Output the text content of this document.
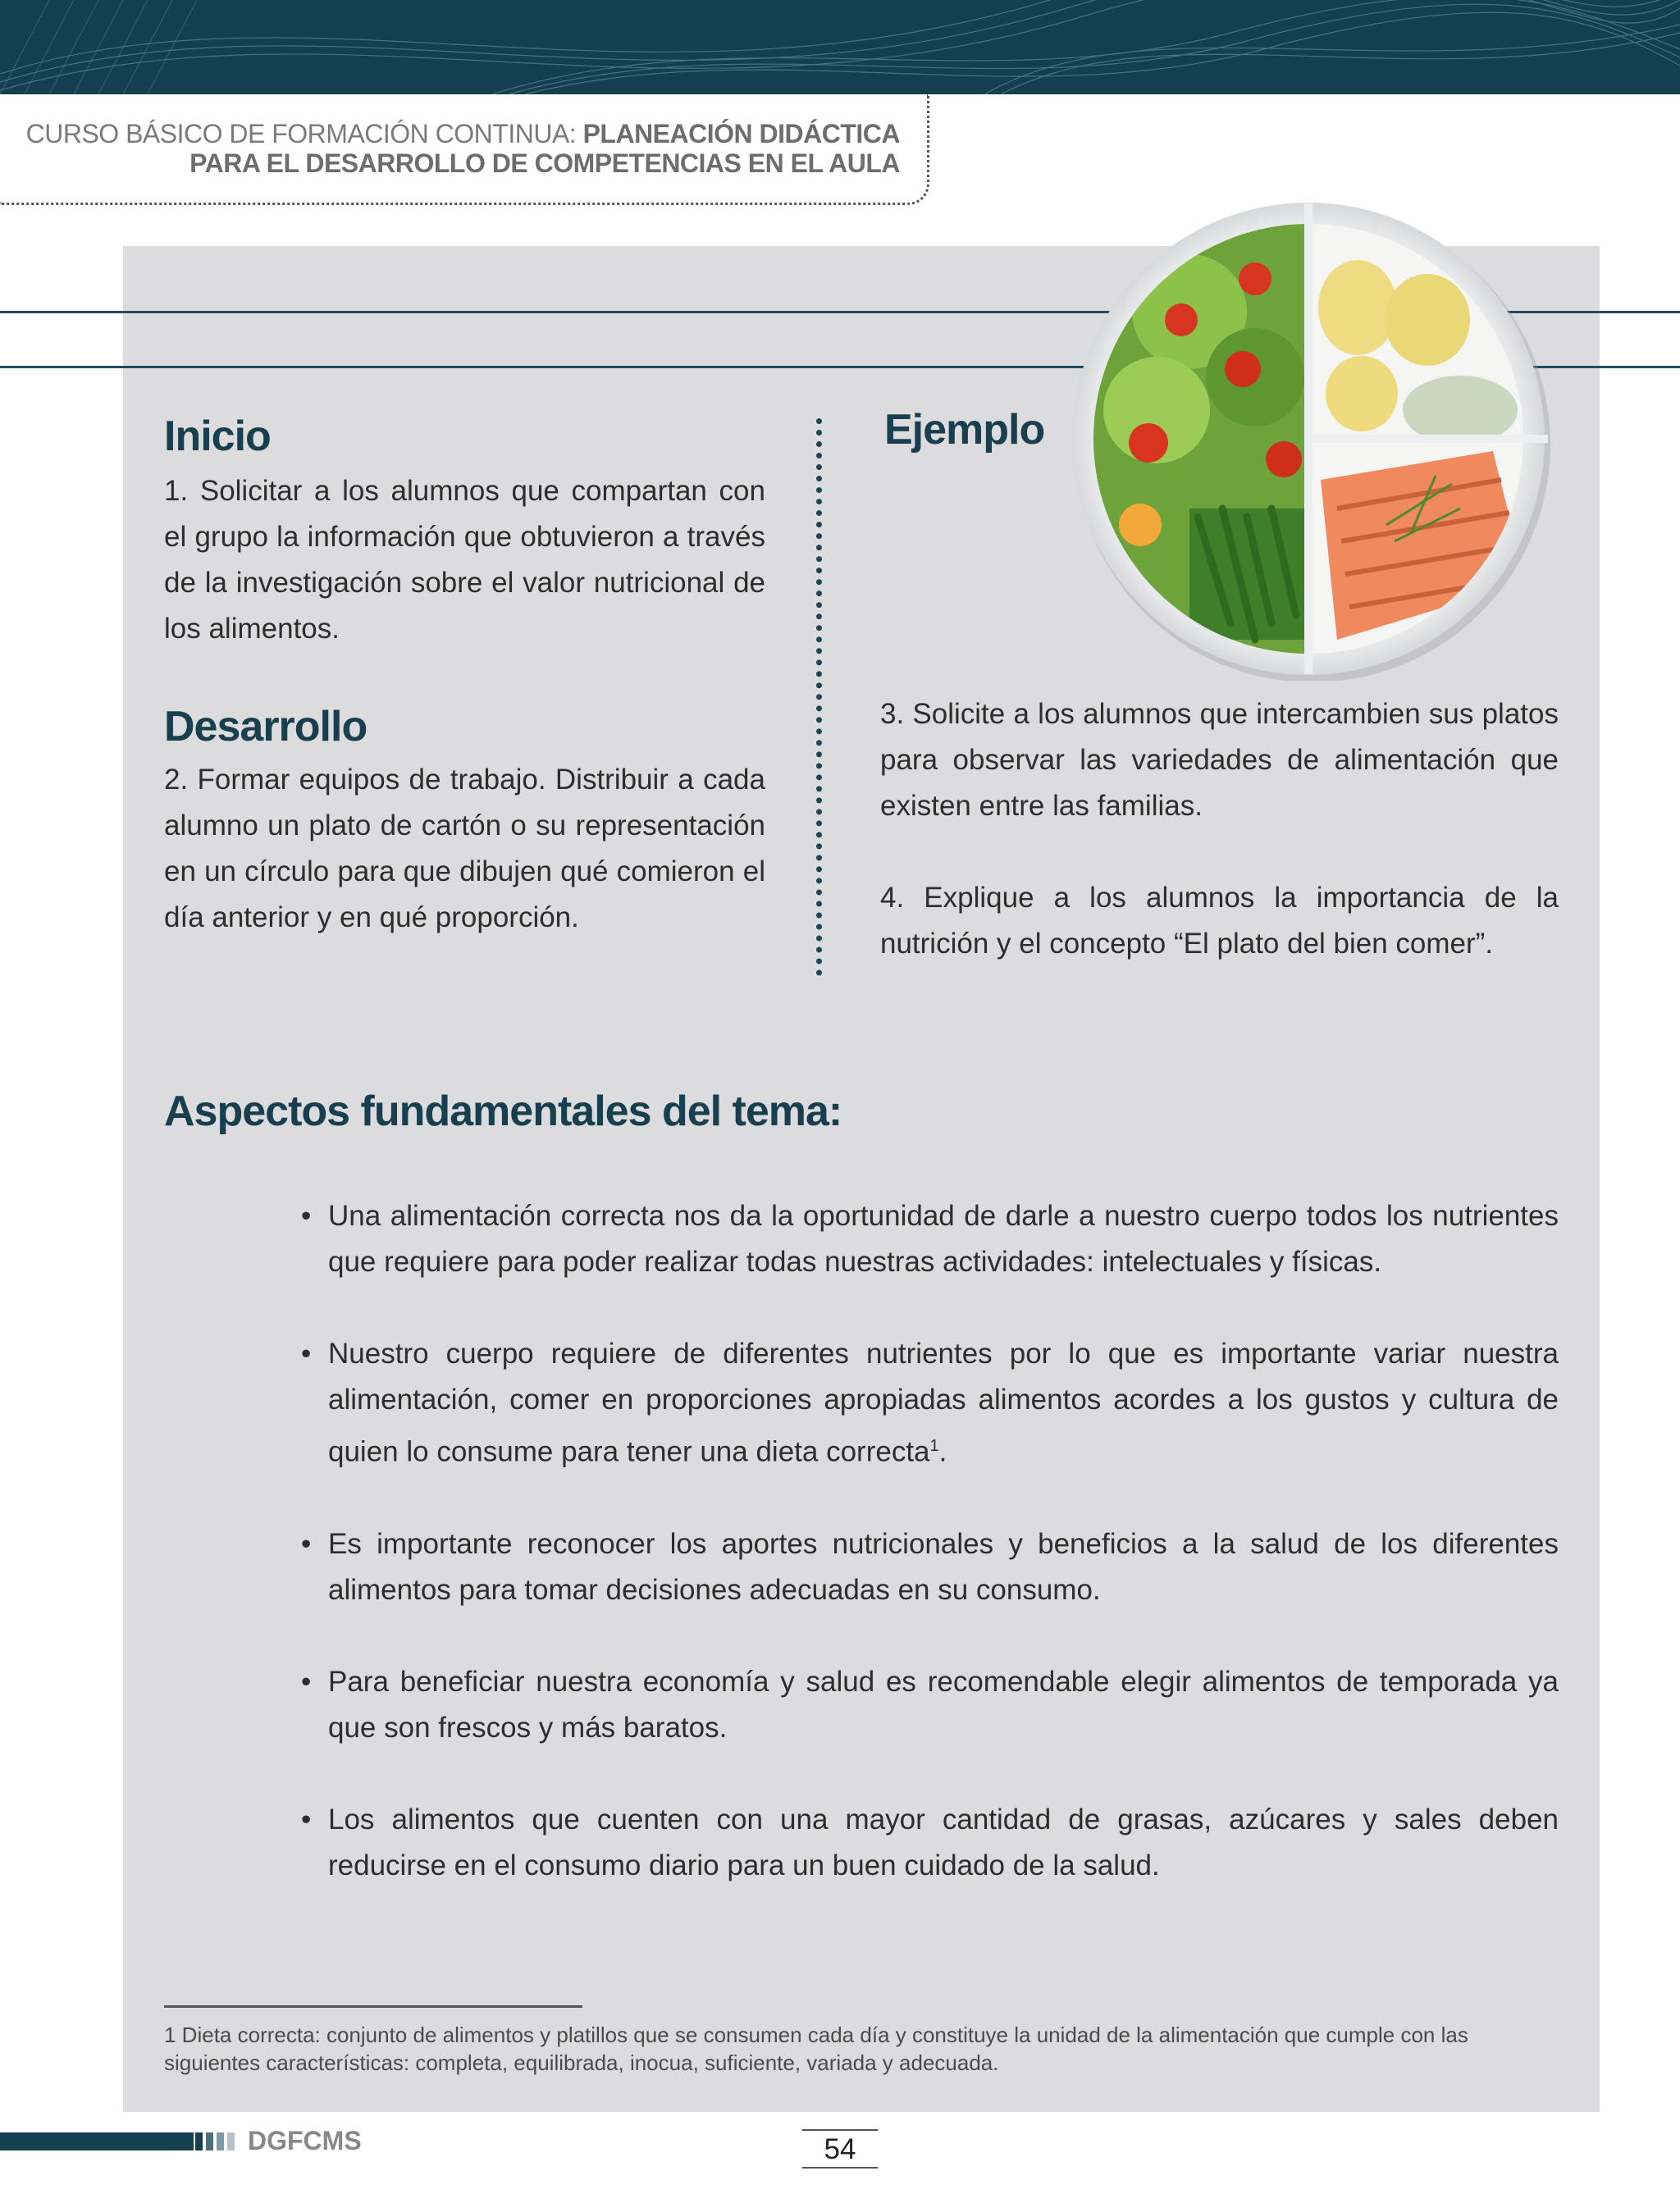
CURSO BÁSICO DE FORMACIÓN CONTINUA: PLANEACIÓN DIDÁCTICA
PARA EL DESARROLLO DE COMPETENCIAS EN EL AULA
Inicio

1. Solicitar a los alumnos que compartan con el grupo la información que obtuvieron a través de la investigación sobre el valor nutricional de los alimentos.

Desarrollo

2. Formar equipos de trabajo. Distribuir a cada alumno un plato de cartón o su representación en un círculo para que dibujen qué comieron el día anterior y en qué proporción.

Ejemplo

3. Solicite a los alumnos que intercambien sus platos para observar las variedades de alimentación que existen entre las familias.

4. Explique a los alumnos la importancia de la nutrición y el concepto “El plato del bien comer”.

Aspectos fundamentales del tema:
• Una alimentación correcta nos da la oportunidad de darle a nuestro cuerpo todos los nutrientes que requiere para poder realizar todas nuestras actividades: intelectuales y físicas.
• Nuestro cuerpo requiere de diferentes nutrientes por lo que es importante variar nuestra alimentación, comer en proporciones apropiadas alimentos acordes a los gustos y cultura de quien lo consume para tener una dieta correcta$^1$.
• Es importante reconocer los aportes nutricionales y beneficios a la salud de los diferentes alimentos para tomar decisiones adecuadas en su consumo.
• Para beneficiar nuestra economía y salud es recomendable elegir alimentos de temporada ya que son frescos y más baratos.
• Los alimentos que cuenten con una mayor cantidad de grasas, azúcares y sales deben reducirse en el consumo diario para un buen cuidado de la salud.

1 Dieta correcta: conjunto de alimentos y platillos que se consumen cada día y constituye la unidad de la alimentación que cumple con las siguientes características: completa, equilibrada, inocua, suficiente, variada y adecuada.

DGFCMS	54
